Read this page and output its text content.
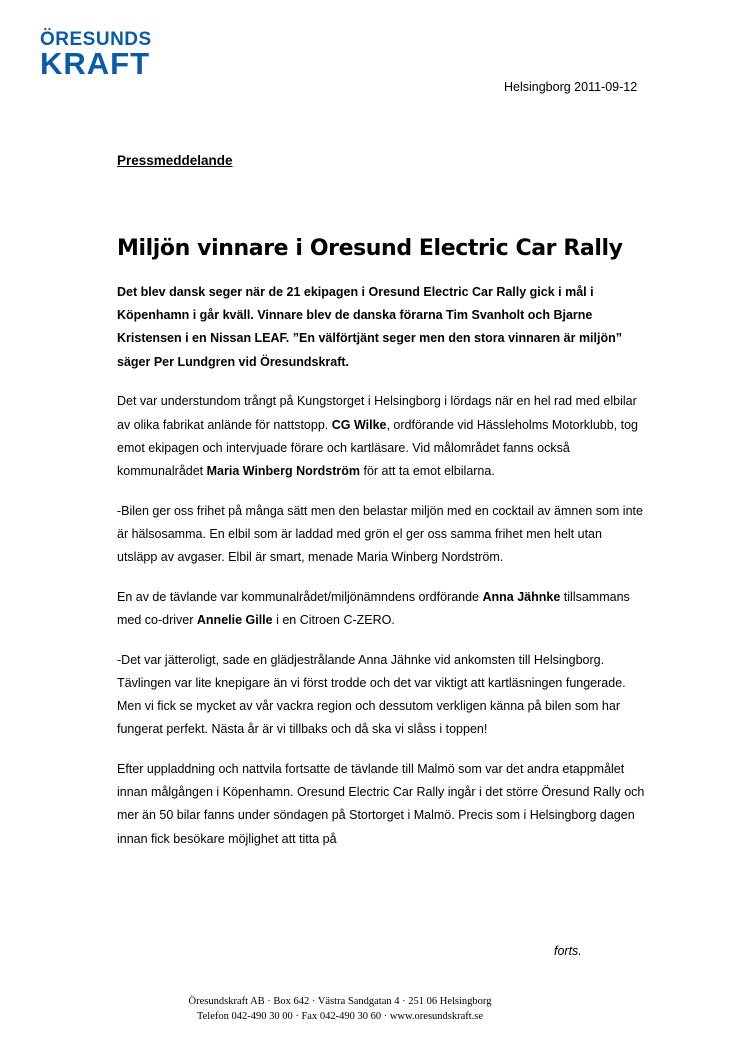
ÖRESUNDS
KRAFT
Helsingborg 2011-09-12
Pressmeddelande
Miljön vinnare i Oresund Electric Car Rally

Det blev dansk seger när de 21 ekipagen i Oresund Electric Car Rally gick i mål i Köpenhamn i går kväll. Vinnare blev de danska förarna Tim Svanholt och Bjarne Kristensen i en Nissan LEAF. ”En välförtjänt seger men den stora vinnaren är miljön” säger Per Lundgren vid Öresundskraft.

Det var understundom trångt på Kungstorget i Helsingborg i lördags när en hel rad med elbilar av olika fabrikat anlände för nattstopp. CG Wilke, ordförande vid Hässleholms Motorklubb, tog emot ekipagen och intervjuade förare och kartläsare. Vid målområdet fanns också kommunalrådet Maria Winberg Nordström för att ta emot elbilarna.

-Bilen ger oss frihet på många sätt men den belastar miljön med en cocktail av ämnen som inte är hälsosamma. En elbil som är laddad med grön el ger oss samma frihet men helt utan utsläpp av avgaser. Elbil är smart, menade Maria Winberg Nordström.

En av de tävlande var kommunalrådet/miljönämndens ordförande Anna Jähnke tillsammans med co-driver Annelie Gille i en Citroen C-ZERO.

-Det var jätteroligt, sade en glädjestrålande Anna Jähnke vid ankomsten till Helsingborg. Tävlingen var lite knepigare än vi först trodde och det var viktigt att kartläsningen fungerade. Men vi fick se mycket av vår vackra region och dessutom verkligen känna på bilen som har fungerat perfekt. Nästa år är vi tillbaks och då ska vi slåss i toppen!

Efter uppladdning och nattvila fortsatte de tävlande till Malmö som var det andra etappmålet innan målgången i Köpenhamn. Oresund Electric Car Rally ingår i det större Öresund Rally och mer än 50 bilar fanns under söndagen på Stortorget i Malmö. Precis som i Helsingborg dagen innan fick besökare möjlighet att titta på

forts.
Öresundskraft AB · Box 642 · Västra Sandgatan 4 · 251 06 Helsingborg
Telefon 042-490 30 00 · Fax 042-490 30 60 · www.oresundskraft.se
